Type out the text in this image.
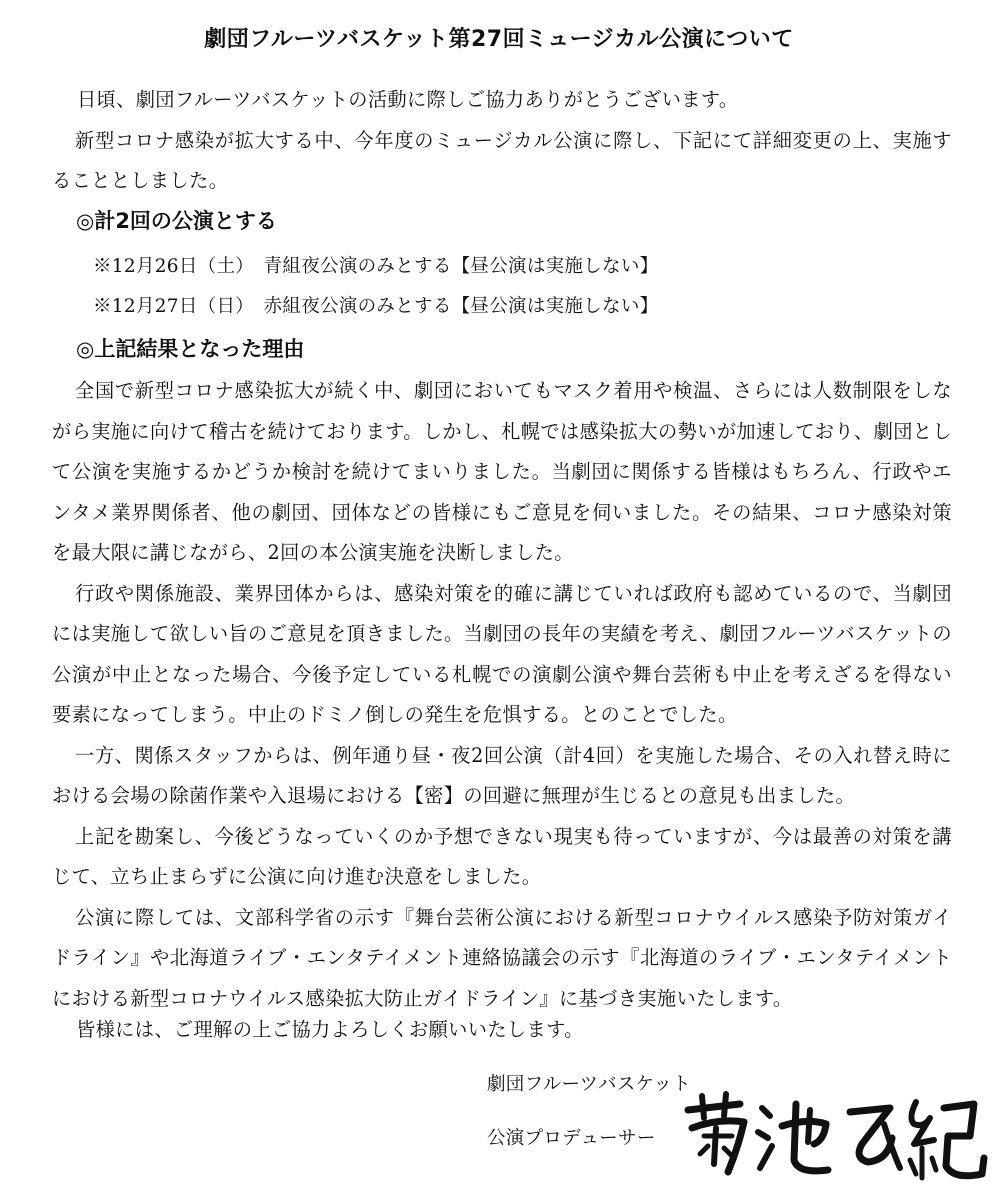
劇団フルーツバスケット第27回ミュージカル公演について

日頃、劇団フルーツバスケットの活動に際しご協力ありがとうございます。

新型コロナ感染が拡大する中、今年度のミュージカル公演に際し、下記にて詳細変更の上、実施することとしました。

◎計2回の公演とする
※12月26日（土）　青組夜公演のみとする【昼公演は実施しない】
※12月27日（日）　赤組夜公演のみとする【昼公演は実施しない】
◎上記結果となった理由

全国で新型コロナ感染拡大が続く中、劇団においてもマスク着用や検温、さらには人数制限をしながら実施に向けて稽古を続けております。しかし、札幌では感染拡大の勢いが加速しており、劇団として公演を実施するかどうか検討を続けてまいりました。当劇団に関係する皆様はもちろん、行政やエンタメ業界関係者、他の劇団、団体などの皆様にもご意見を伺いました。その結果、コロナ感染対策を最大限に講じながら、2回の本公演実施を決断しました。

行政や関係施設、業界団体からは、感染対策を的確に講じていれば政府も認めているので、当劇団には実施して欲しい旨のご意見を頂きました。当劇団の長年の実績を考え、劇団フルーツバスケットの公演が中止となった場合、今後予定している札幌での演劇公演や舞台芸術も中止を考えざるを得ない要素になってしまう。中止のドミノ倒しの発生を危惧する。とのことでした。

一方、関係スタッフからは、例年通り昼・夜2回公演（計4回）を実施した場合、その入れ替え時における会場の除菌作業や入退場における【密】の回避に無理が生じるとの意見も出ました。

上記を勘案し、今後どうなっていくのか予想できない現実も待っていますが、今は最善の対策を講じて、立ち止まらずに公演に向け進む決意をしました。

公演に際しては、文部科学省の示す『舞台芸術公演における新型コロナウイルス感染予防対策ガイドライン』や北海道ライブ・エンタテイメント連絡協議会の示す『北海道のライブ・エンタテイメントにおける新型コロナウイルス感染拡大防止ガイドライン』に基づき実施いたします。

皆様には、ご理解の上ご協力よろしくお願いいたします。
劇団フルーツバスケット
公演プロデューサー
